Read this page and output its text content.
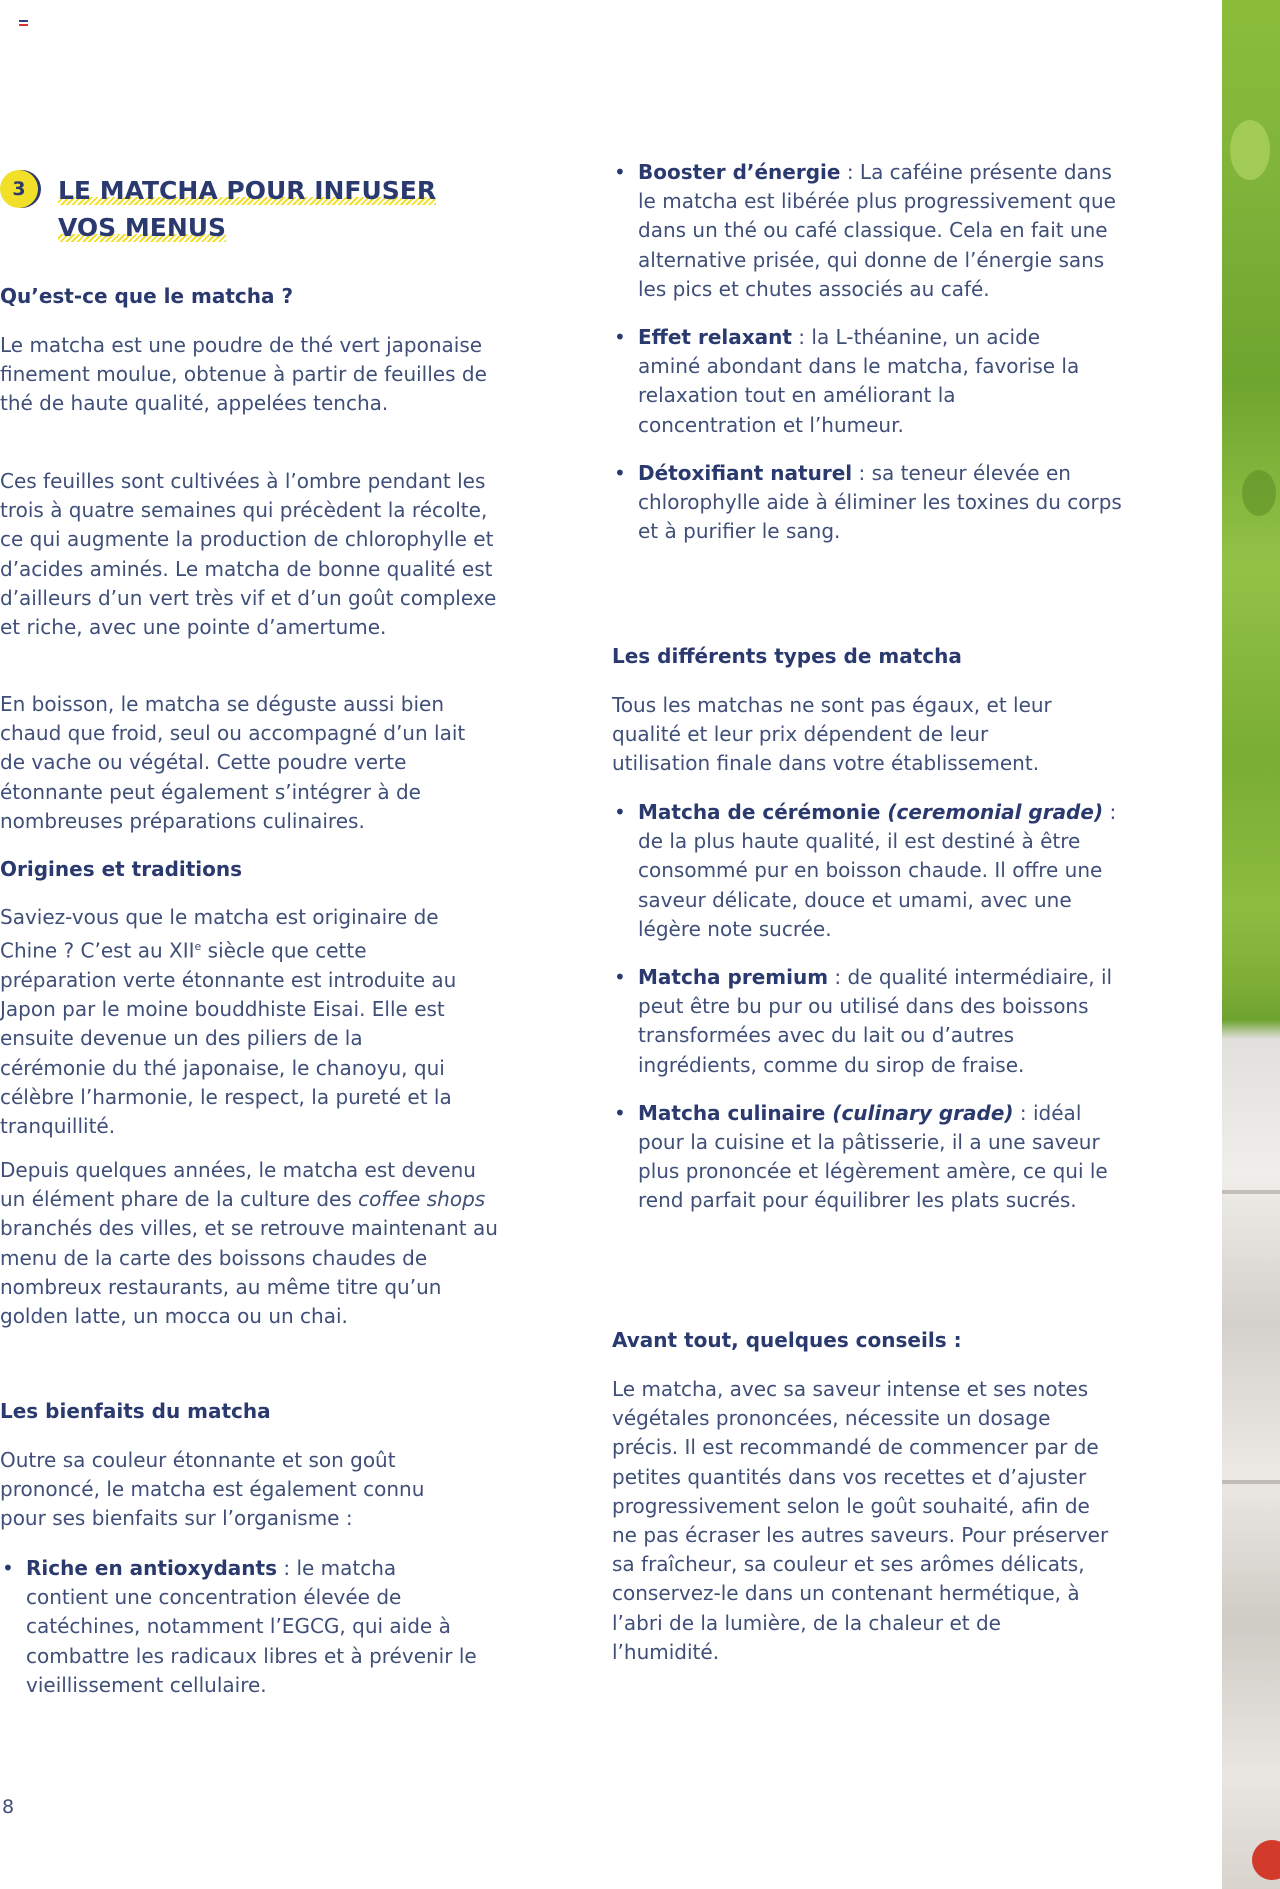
3	LE MATCHA POUR INFUSER
VOS MENUS
Qu’est-ce que le matcha ?

Le matcha est une poudre de thé vert japonaise finement moulue, obtenue à partir de feuilles de thé de haute qualité, appelées tencha.

Ces feuilles sont cultivées à l’ombre pendant les trois à quatre semaines qui précèdent la récolte, ce qui augmente la production de chlorophylle et d’acides aminés. Le matcha de bonne qualité est d’ailleurs d’un vert très vif et d’un goût complexe et riche, avec une pointe d’amertume.

En boisson, le matcha se déguste aussi bien chaud que froid, seul ou accompagné d’un lait de vache ou végétal. Cette poudre verte étonnante peut également s’intégrer à de nombreuses préparations culinaires.

Origines et traditions

Saviez-vous que le matcha est originaire de Chine ? C’est au XIIe siècle que cette préparation verte étonnante est introduite au Japon par le moine bouddhiste Eisai. Elle est ensuite devenue un des piliers de la cérémonie du thé japonaise, le chanoyu, qui célèbre l’harmonie, le respect, la pureté et la tranquillité.

Depuis quelques années, le matcha est devenu un élément phare de la culture des coffee shops branchés des villes, et se retrouve maintenant au menu de la carte des boissons chaudes de nombreux restaurants, au même titre qu’un golden latte, un mocca ou un chai.

Les bienfaits du matcha

Outre sa couleur étonnante et son goût prononcé, le matcha est également connu pour ses bienfaits sur l’organisme :

• Riche en antioxydants : le matcha contient une concentration élevée de catéchines, notamment l’EGCG, qui aide à combattre les radicaux libres et à prévenir le vieillissement cellulaire.
8
• Booster d’énergie : La caféine présente dans le matcha est libérée plus progressivement que dans un thé ou café classique. Cela en fait une alternative prisée, qui donne de l’énergie sans les pics et chutes associés au café.
• Effet relaxant : la L-théanine, un acide aminé abondant dans le matcha, favorise la relaxation tout en améliorant la concentration et l’humeur.
• Détoxifiant naturel : sa teneur élevée en chlorophylle aide à éliminer les toxines du corps et à purifier le sang.
Les différents types de matcha

Tous les matchas ne sont pas égaux, et leur qualité et leur prix dépendent de leur utilisation finale dans votre établissement.

• Matcha de cérémonie (ceremonial grade) : de la plus haute qualité, il est destiné à être consommé pur en boisson chaude. Il offre une saveur délicate, douce et umami, avec une légère note sucrée.
• Matcha premium : de qualité intermédiaire, il peut être bu pur ou utilisé dans des boissons transformées avec du lait ou d’autres ingrédients, comme du sirop de fraise.
• Matcha culinaire (culinary grade) : idéal pour la cuisine et la pâtisserie, il a une saveur plus prononcée et légèrement amère, ce qui le rend parfait pour équilibrer les plats sucrés.
Avant tout, quelques conseils :

Le matcha, avec sa saveur intense et ses notes végétales prononcées, nécessite un dosage précis. Il est recommandé de commencer par de petites quantités dans vos recettes et d’ajuster progressivement selon le goût souhaité, afin de ne pas écraser les autres saveurs. Pour préserver sa fraîcheur, sa couleur et ses arômes délicats, conservez-le dans un contenant hermétique, à l’abri de la lumière, de la chaleur et de l’humidité.
